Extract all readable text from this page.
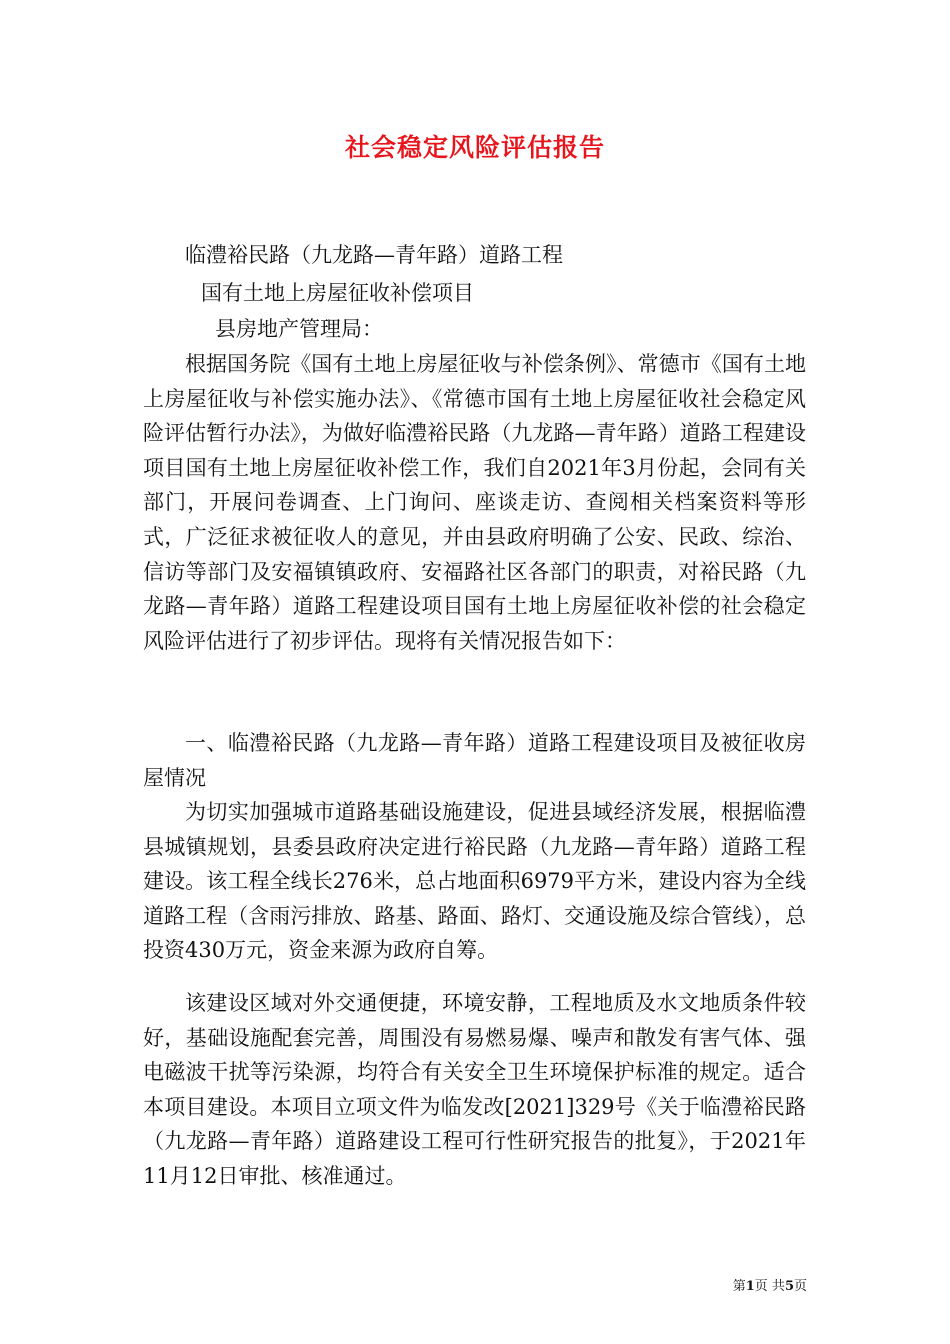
社会稳定风险评估报告
临澧裕民路（九龙路—青年路）道路工程
国有土地上房屋征收补偿项目
县房地产管理局：

根据国务院《国有土地上房屋征收与补偿条例》、常德市《国有土地上房屋征收与补偿实施办法》、《常德市国有土地上房屋征收社会稳定风险评估暂行办法》，为做好临澧裕民路（九龙路—青年路）道路工程建设项目国有土地上房屋征收补偿工作，我们自2021年3月份起，会同有关部门，开展问卷调查、上门询问、座谈走访、查阅相关档案资料等形式，广泛征求被征收人的意见，并由县政府明确了公安、民政、综治、信访等部门及安福镇镇政府、安福路社区各部门的职责，对裕民路（九龙路—青年路）道路工程建设项目国有土地上房屋征收补偿的社会稳定风险评估进行了初步评估。现将有关情况报告如下：

一、临澧裕民路（九龙路—青年路）道路工程建设项目及被征收房屋情况

为切实加强城市道路基础设施建设，促进县域经济发展，根据临澧县城镇规划，县委县政府决定进行裕民路（九龙路—青年路）道路工程建设。该工程全线长276米，总占地面积6979平方米，建设内容为全线道路工程（含雨污排放、路基、路面、路灯、交通设施及综合管线），总投资430万元，资金来源为政府自筹。

该建设区域对外交通便捷，环境安静，工程地质及水文地质条件较好，基础设施配套完善，周围没有易燃易爆、噪声和散发有害气体、强电磁波干扰等污染源，均符合有关安全卫生环境保护标准的规定。适合本项目建设。本项目立项文件为临发改[2021]329号《关于临澧裕民路（九龙路—青年路）道路建设工程可行性研究报告的批复》，于2021年11月12日审批、核准通过。

第1页 共5页
